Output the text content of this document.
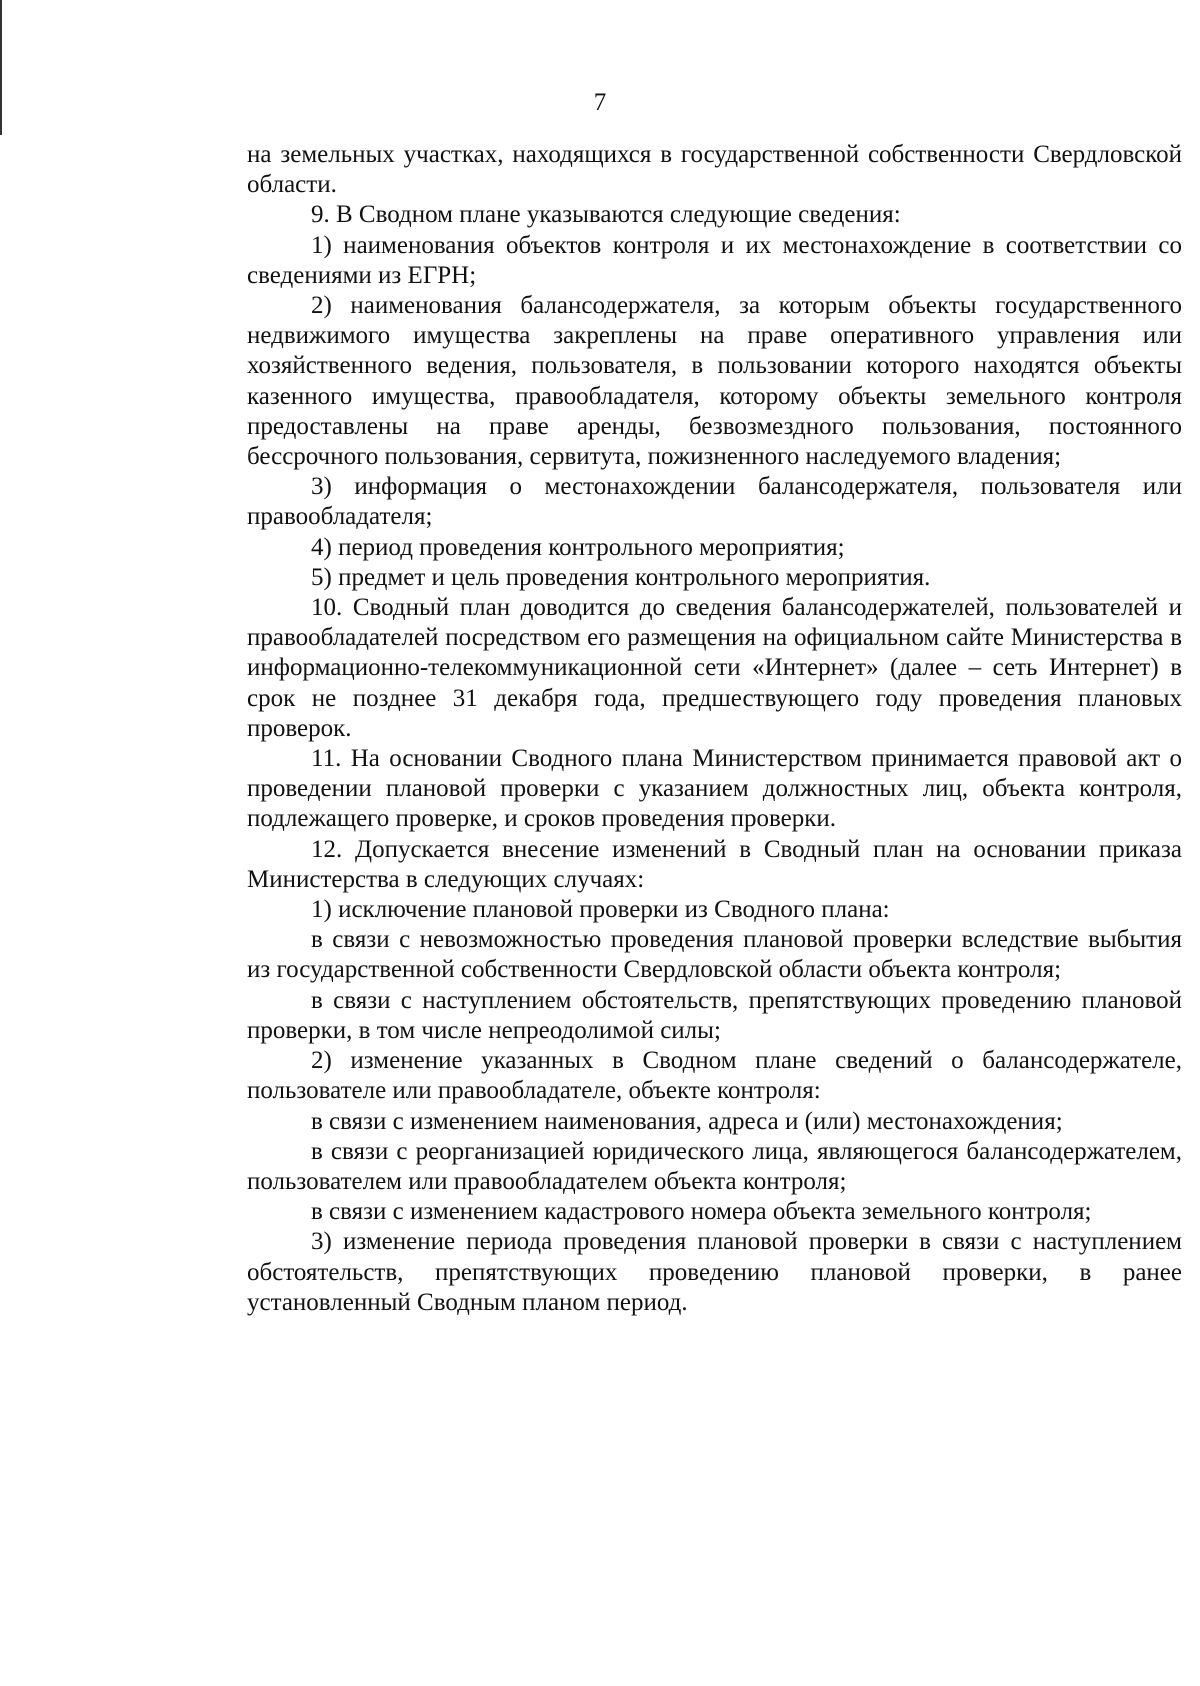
7

на земельных участках, находящихся в государственной собственности Свердловской области.

9. В Сводном плане указываются следующие сведения:

1) наименования объектов контроля и их местонахождение в соответствии со сведениями из ЕГРН;

2) наименования балансодержателя, за которым объекты государственного недвижимого имущества закреплены на праве оперативного управления или хозяйственного ведения, пользователя, в пользовании которого находятся объекты казенного имущества, правообладателя, которому объекты земельного контроля предоставлены на праве аренды, безвозмездного пользования, постоянного бессрочного пользования, сервитута, пожизненного наследуемого владения;

3) информация о местонахождении балансодержателя, пользователя или правообладателя;

4) период проведения контрольного мероприятия;

5) предмет и цель проведения контрольного мероприятия.

10. Сводный план доводится до сведения балансодержателей, пользователей и правообладателей посредством его размещения на официальном сайте Министерства в информационно-телекоммуникационной сети «Интернет» (далее – сеть Интернет) в срок не позднее 31 декабря года, предшествующего году проведения плановых проверок.

11. На основании Сводного плана Министерством принимается правовой акт о проведении плановой проверки с указанием должностных лиц, объекта контроля, подлежащего проверке, и сроков проведения проверки.

12. Допускается внесение изменений в Сводный план на основании приказа Министерства в следующих случаях:

1) исключение плановой проверки из Сводного плана:

в связи с невозможностью проведения плановой проверки вследствие выбытия из государственной собственности Свердловской области объекта контроля;

в связи с наступлением обстоятельств, препятствующих проведению плановой проверки, в том числе непреодолимой силы;

2) изменение указанных в Сводном плане сведений о балансодержателе, пользователе или правообладателе, объекте контроля:

в связи с изменением наименования, адреса и (или) местонахождения;

в связи с реорганизацией юридического лица, являющегося балансодержателем, пользователем или правообладателем объекта контроля;

в связи с изменением кадастрового номера объекта земельного контроля;

3) изменение периода проведения плановой проверки в связи с наступлением обстоятельств, препятствующих проведению плановой проверки, в ранее установленный Сводным планом период.
